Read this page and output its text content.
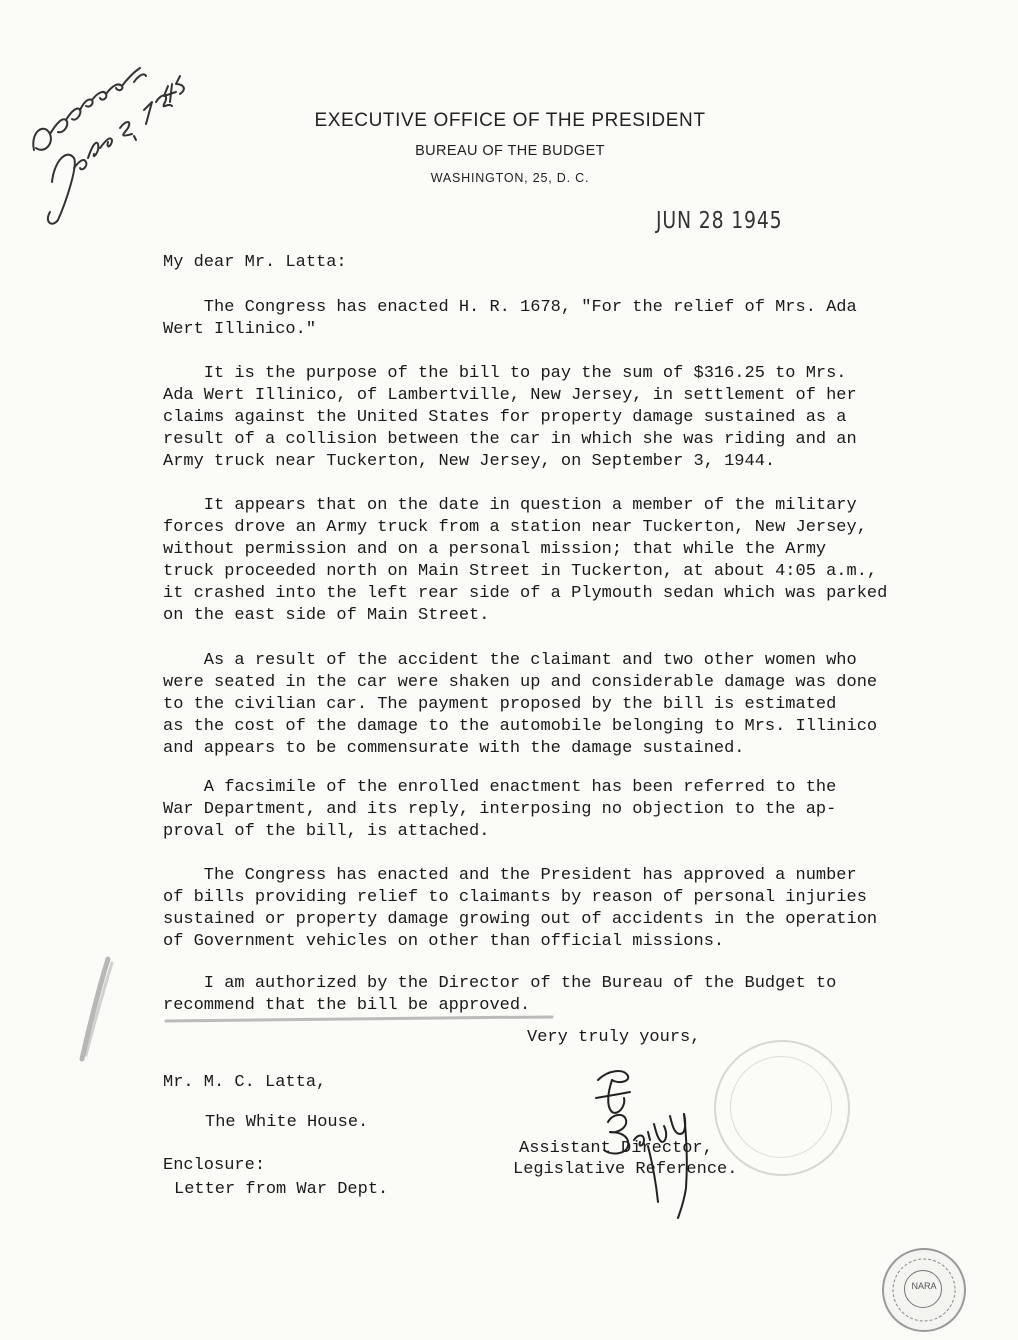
EXECUTIVE OFFICE OF THE PRESIDENT
BUREAU OF THE BUDGET
WASHINGTON, 25, D. C.
JUN 28 1945
My dear Mr. Latta:
The Congress has enacted H. R. 1678, "For the relief of Mrs. Ada
Wert Illinico."
It is the purpose of the bill to pay the sum of $316.25 to Mrs.
Ada Wert Illinico, of Lambertville, New Jersey, in settlement of her
claims against the United States for property damage sustained as a
result of a collision between the car in which she was riding and an
Army truck near Tuckerton, New Jersey, on September 3, 1944.
It appears that on the date in question a member of the military
forces drove an Army truck from a station near Tuckerton, New Jersey,
without permission and on a personal mission; that while the Army
truck proceeded north on Main Street in Tuckerton, at about 4:05 a.m.,
it crashed into the left rear side of a Plymouth sedan which was parked
on the east side of Main Street.
As a result of the accident the claimant and two other women who
were seated in the car were shaken up and considerable damage was done
to the civilian car. The payment proposed by the bill is estimated
as the cost of the damage to the automobile belonging to Mrs. Illinico
and appears to be commensurate with the damage sustained.
A facsimile of the enrolled enactment has been referred to the
War Department, and its reply, interposing no objection to the ap-
proval of the bill, is attached.
The Congress has enacted and the President has approved a number
of bills providing relief to claimants by reason of personal injuries
sustained or property damage growing out of accidents in the operation
of Government vehicles on other than official missions.
I am authorized by the Director of the Bureau of the Budget to
recommend that the bill be approved.
Very truly yours,
Mr. M. C. Latta,
The White House.
Enclosure:
Letter from War Dept.
Assistant Director,
Legislative Reference.
NARA
